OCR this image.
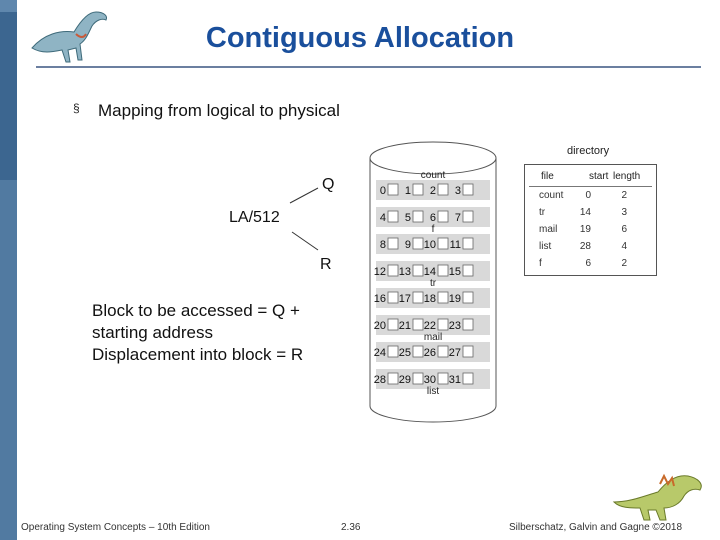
Contiguous Allocation
§ Mapping from logical to physical
Q
LA/512
R
Block to be accessed = Q +
starting address
Displacement into block = R
0 1 2 3
4 5 6 7
8 9 10 11
12 13 14 15
16 17 18 19
20 21 22 23
24 25 26 27
28 29 30 31
count
f
tr
mail
list
directory
file	start length
count	0	2
tr	14	3
mail 19	6
list	28	4
f	6	2
Operating System Concepts – 10th Edition	2.36	Silberschatz, Galvin and Gagne ©2018
